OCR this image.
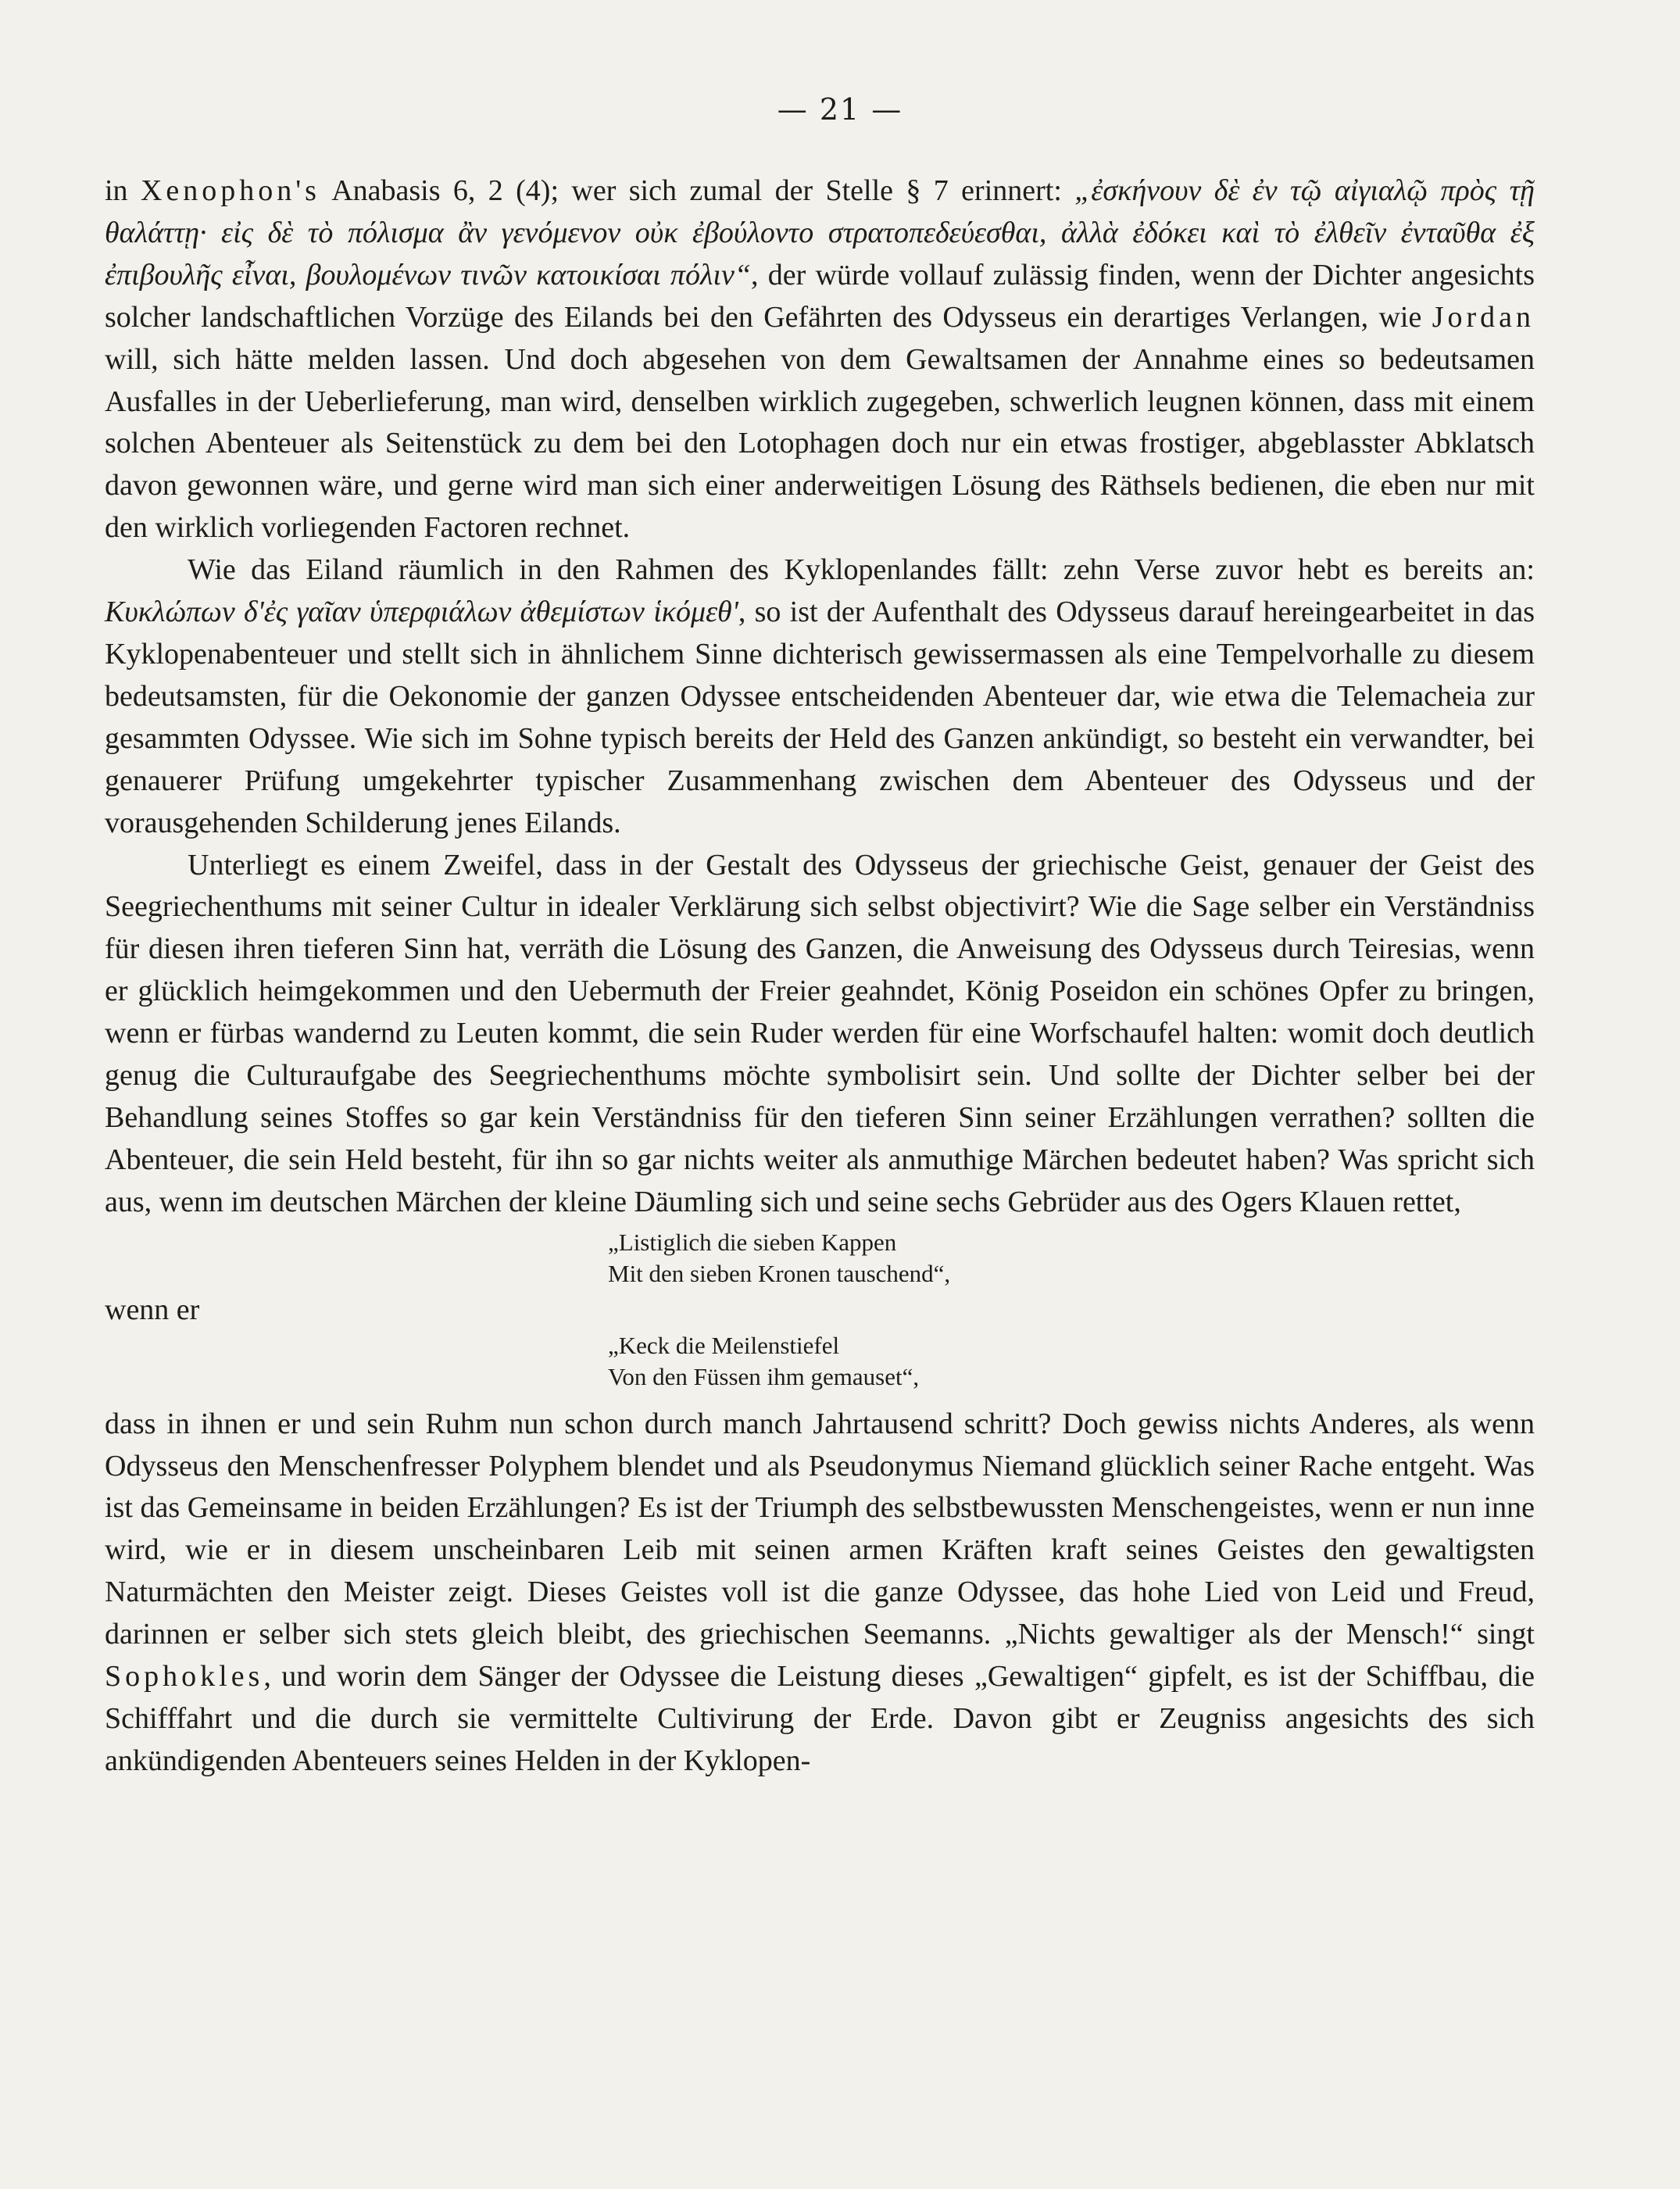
— 21 —

in Xenophon's Anabasis 6, 2 (4); wer sich zumal der Stelle § 7 erinnert: „ἐσκήνουν δὲ ἐν τῷ αἰγιαλῷ πρὸς τῇ θαλάττῃ· εἰς δὲ τὸ πόλισμα ἂν γενόμενον οὐκ ἐβούλοντο στρατοπεδεύεσθαι, ἀλλὰ ἐδόκει καὶ τὸ ἐλθεῖν ἐνταῦθα ἐξ ἐπιβουλῆς εἶναι, βουλομένων τινῶν κατοικίσαι πόλιν“, der würde vollauf zulässig finden, wenn der Dichter angesichts solcher landschaftlichen Vorzüge des Eilands bei den Gefährten des Odysseus ein derartiges Verlangen, wie Jordan will, sich hätte melden lassen. Und doch abgesehen von dem Gewaltsamen der Annahme eines so bedeutsamen Ausfalles in der Ueberlieferung, man wird, denselben wirklich zugegeben, schwerlich leugnen können, dass mit einem solchen Abenteuer als Seitenstück zu dem bei den Lotophagen doch nur ein etwas frostiger, abgeblasster Abklatsch davon gewonnen wäre, und gerne wird man sich einer anderweitigen Lösung des Räthsels bedienen, die eben nur mit den wirklich vorliegenden Factoren rechnet.

Wie das Eiland räumlich in den Rahmen des Kyklopenlandes fällt: zehn Verse zuvor hebt es bereits an: Κυκλώπων δ'ἐς γαῖαν ὑπερφιάλων ἀθεμίστων ἱκόμεθ', so ist der Aufenthalt des Odysseus darauf hereingearbeitet in das Kyklopenabenteuer und stellt sich in ähnlichem Sinne dichterisch gewissermassen als eine Tempelvorhalle zu diesem bedeutsamsten, für die Oekonomie der ganzen Odyssee entscheidenden Abenteuer dar, wie etwa die Telemacheia zur gesammten Odyssee. Wie sich im Sohne typisch bereits der Held des Ganzen ankündigt, so besteht ein verwandter, bei genauerer Prüfung umgekehrter typischer Zusammenhang zwischen dem Abenteuer des Odysseus und der vorausgehenden Schilderung jenes Eilands.

Unterliegt es einem Zweifel, dass in der Gestalt des Odysseus der griechische Geist, genauer der Geist des Seegriechenthums mit seiner Cultur in idealer Verklärung sich selbst objectivirt? Wie die Sage selber ein Verständniss für diesen ihren tieferen Sinn hat, verräth die Lösung des Ganzen, die Anweisung des Odysseus durch Teiresias, wenn er glücklich heimgekommen und den Uebermuth der Freier geahndet, König Poseidon ein schönes Opfer zu bringen, wenn er fürbas wandernd zu Leuten kommt, die sein Ruder werden für eine Worfschaufel halten: womit doch deutlich genug die Culturaufgabe des Seegriechenthums möchte symbolisirt sein. Und sollte der Dichter selber bei der Behandlung seines Stoffes so gar kein Verständniss für den tieferen Sinn seiner Erzählungen verrathen? sollten die Abenteuer, die sein Held besteht, für ihn so gar nichts weiter als anmuthige Märchen bedeutet haben? Was spricht sich aus, wenn im deutschen Märchen der kleine Däumling sich und seine sechs Gebrüder aus des Ogers Klauen rettet,

„Listiglich die sieben Kappen
Mit den sieben Kronen tauschend“,
wenn er
„Keck die Meilenstiefel
Von den Füssen ihm gemauset“,

dass in ihnen er und sein Ruhm nun schon durch manch Jahrtausend schritt? Doch gewiss nichts Anderes, als wenn Odysseus den Menschenfresser Polyphem blendet und als Pseudonymus Niemand glücklich seiner Rache entgeht. Was ist das Gemeinsame in beiden Erzählungen? Es ist der Triumph des selbstbewussten Menschengeistes, wenn er nun inne wird, wie er in diesem unscheinbaren Leib mit seinen armen Kräften kraft seines Geistes den gewaltigsten Naturmächten den Meister zeigt. Dieses Geistes voll ist die ganze Odyssee, das hohe Lied von Leid und Freud, darinnen er selber sich stets gleich bleibt, des griechischen Seemanns. „Nichts gewaltiger als der Mensch!“ singt Sophokles, und worin dem Sänger der Odyssee die Leistung dieses „Gewaltigen“ gipfelt, es ist der Schiffbau, die Schifffahrt und die durch sie vermittelte Cultivirung der Erde. Davon gibt er Zeugniss angesichts des sich ankündigenden Abenteuers seines Helden in der Kyklopen-
